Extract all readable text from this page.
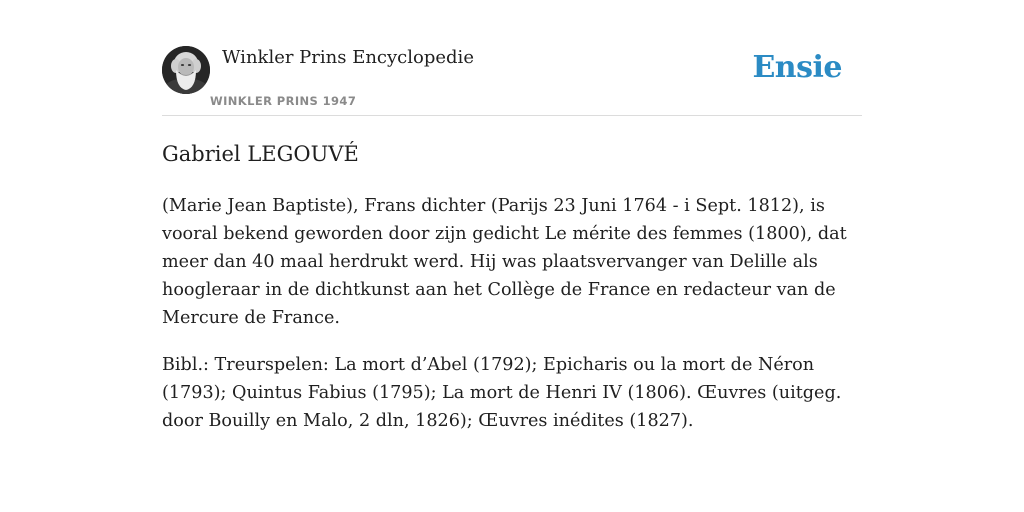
Winkler Prins Encyclopedie
WINKLER PRINS 1947
Ensie
Gabriel LEGOUVÉ

(Marie Jean Baptiste), Frans dichter (Parijs 23 Juni 1764 - i Sept. 1812), is vooral bekend geworden door zijn gedicht Le mérite des femmes (1800), dat meer dan 40 maal herdrukt werd. Hij was plaatsvervanger van Delille als hoogleraar in de dichtkunst aan het Collège de France en redacteur van de Mercure de France.

Bibl.: Treurspelen: La mort d’Abel (1792); Epicharis ou la mort de Néron (1793); Quintus Fabius (1795); La mort de Henri IV (1806). Œuvres (uitgeg. door Bouilly en Malo, 2 dln, 1826); Œuvres inédites (1827).
